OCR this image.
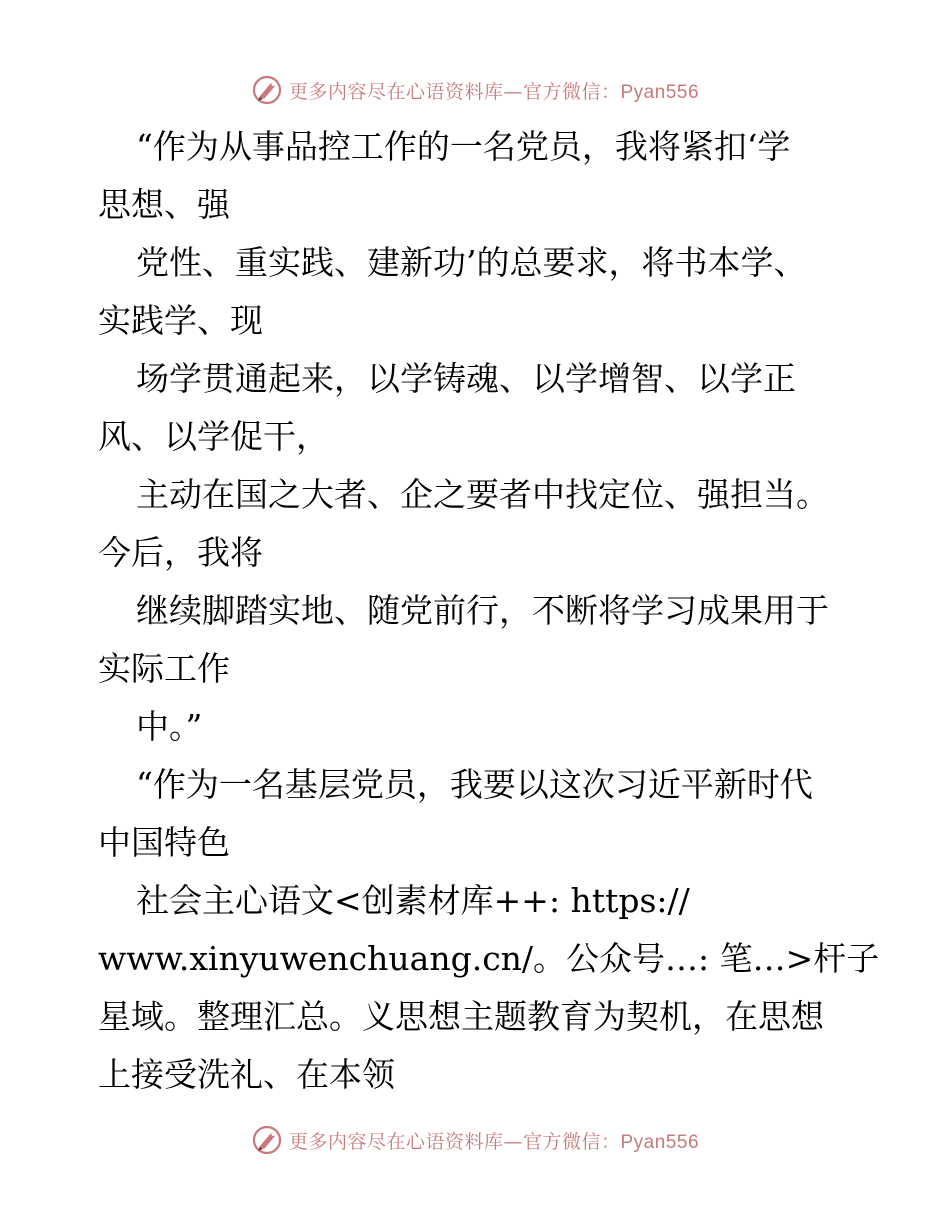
更多内容尽在心语资料库—官方微信：Pyan556
“作为从事品控工作的一名党员，我将紧扣‘学
思想、强
党性、重实践、建新功’的总要求，将书本学、
实践学、现
场学贯通起来，以学铸魂、以学增智、以学正
风、以学促干，
主动在国之大者、企之要者中找定位、强担当。
今后，我将
继续脚踏实地、随党前行，不断将学习成果用于
实际工作
中。”
“作为一名基层党员，我要以这次习近平新时代
中国特色
社会主心语文<创素材库++: https://
www.xinyuwenchuang.cn/。公众号…: 笔…>杆子
星域。整理汇总。义思想主题教育为契机，在思想
上接受洗礼、在本领
更多内容尽在心语资料库—官方微信：Pyan556
